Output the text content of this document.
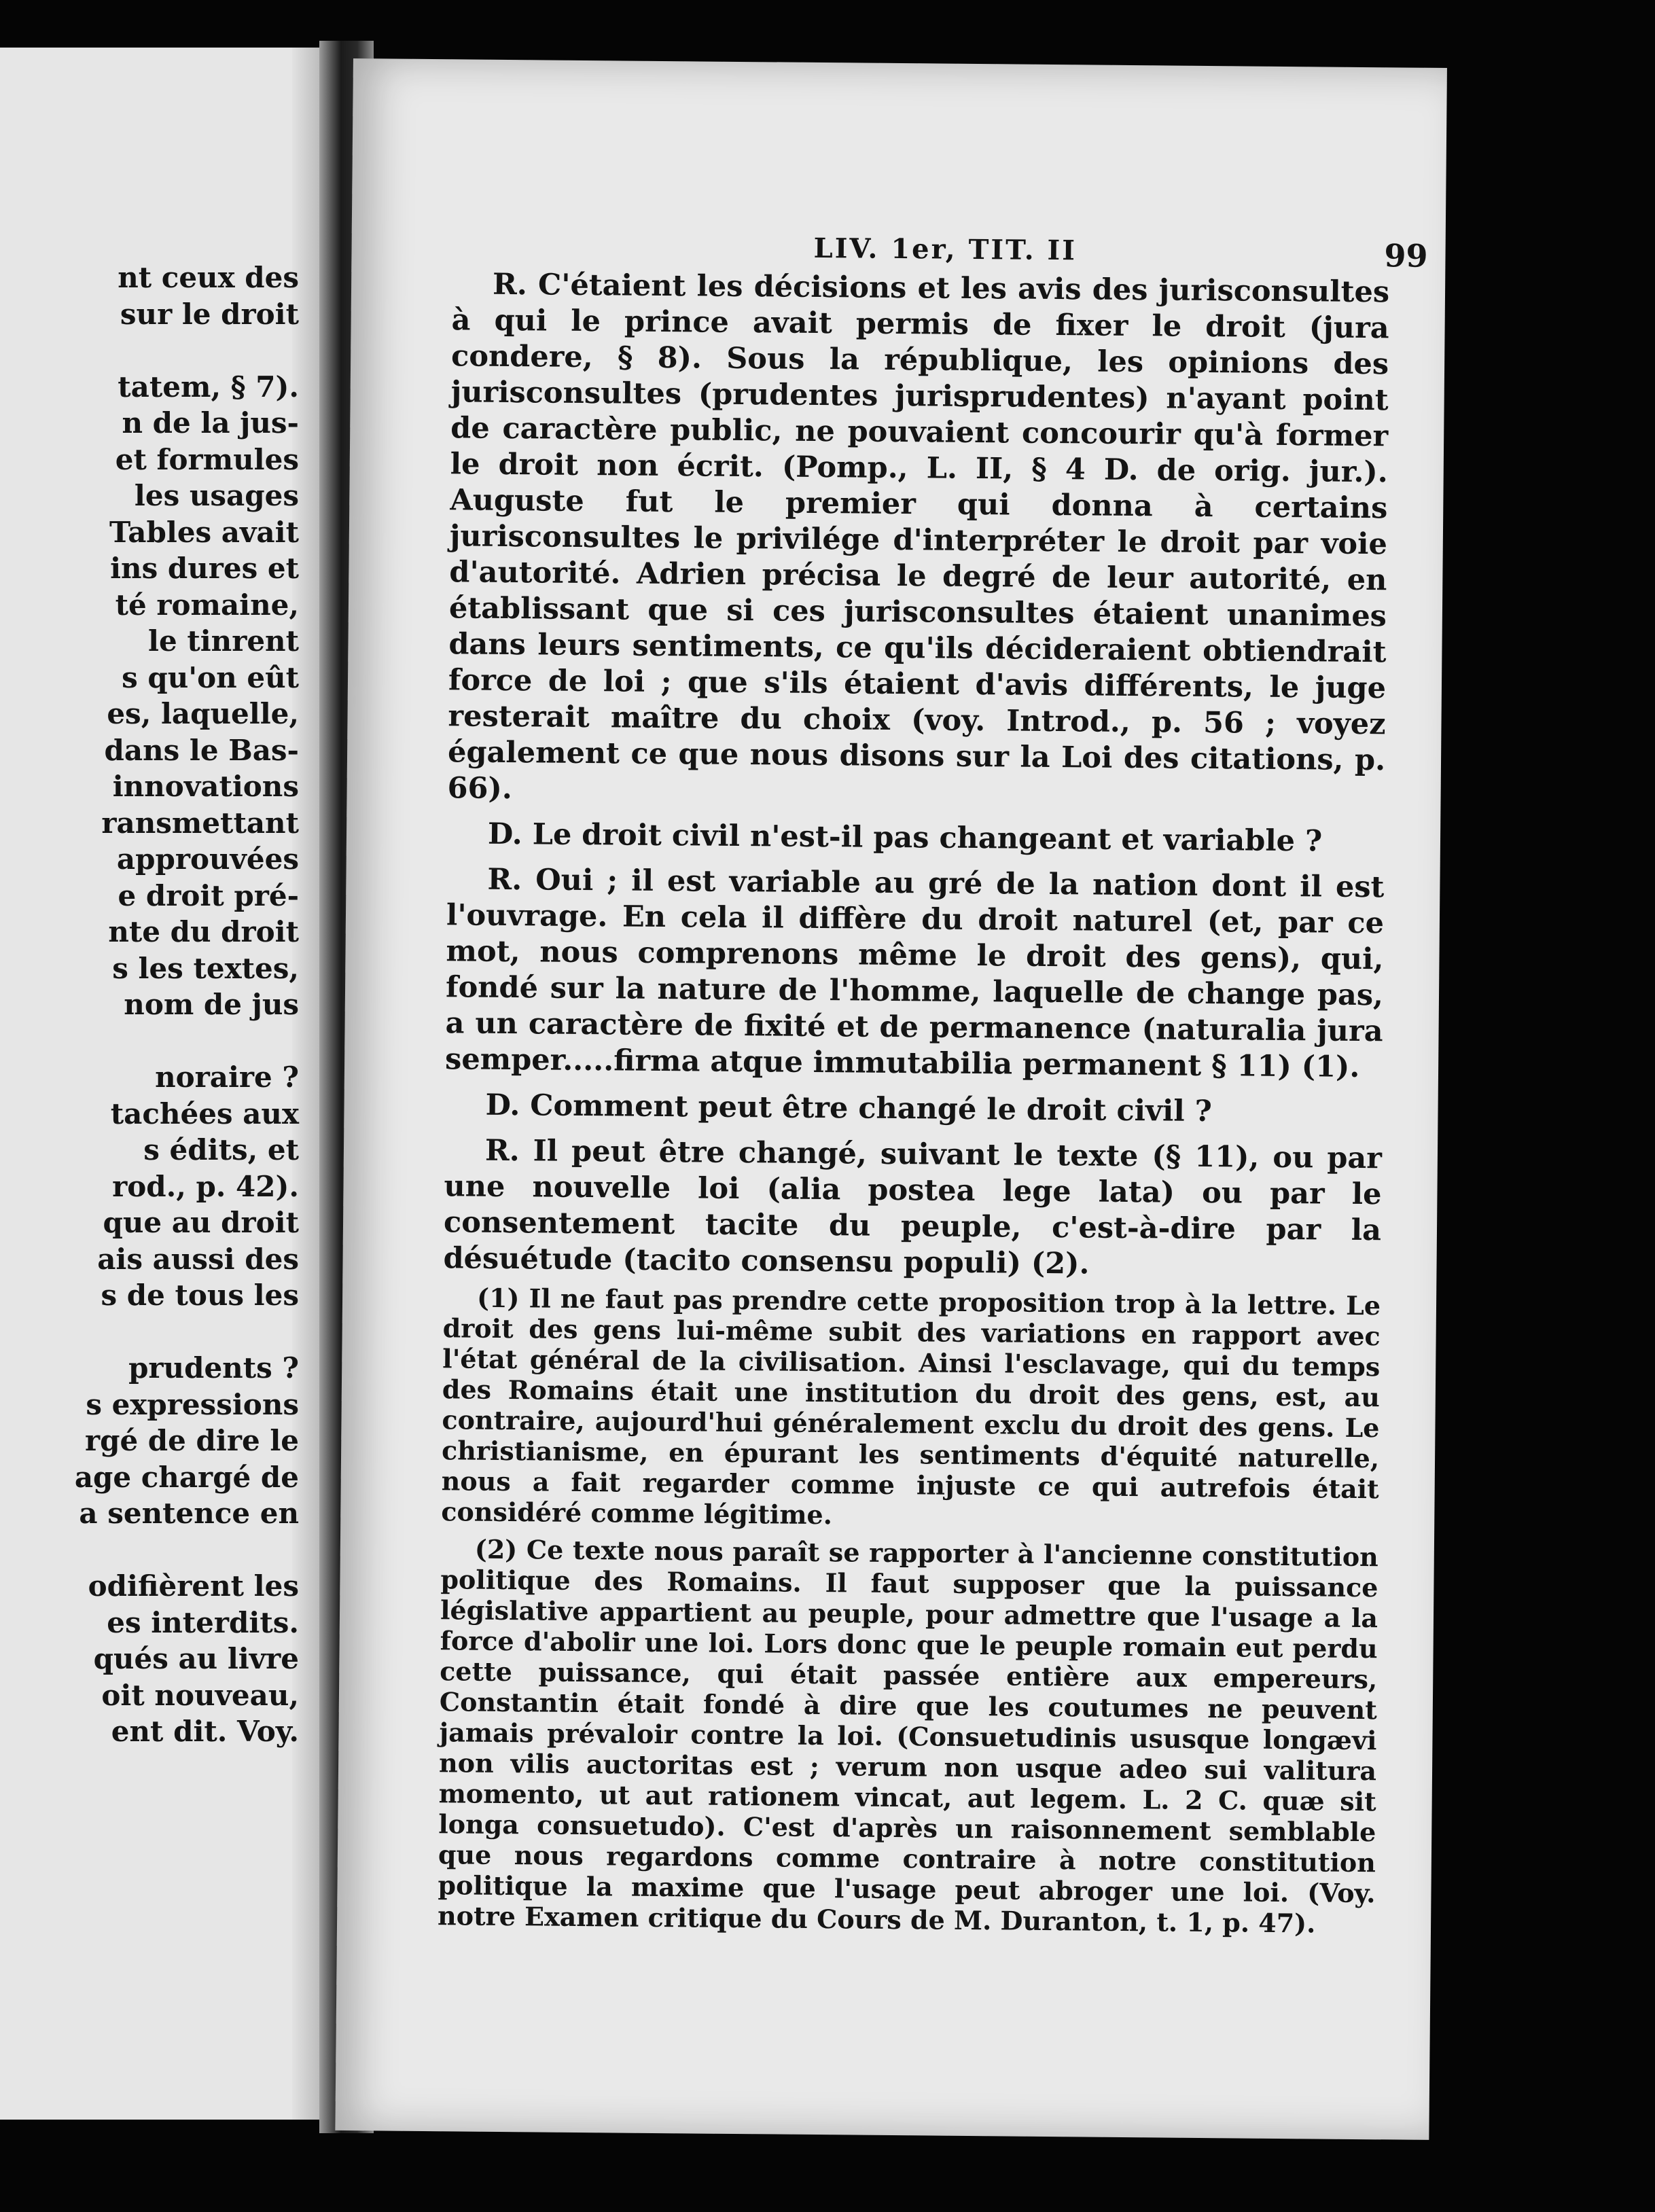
nt ceux des
sur le droit
tatem, § 7).
n de la jus-
et formules
les usages
Tables avait
ins dures et
té romaine,
le tinrent
s qu'on eût
es, laquelle,
dans le Bas-
innovations
ransmettant
approuvées
e droit pré-
nte du droit
s les textes,
nom de jus
noraire ?
tachées aux
s édits, et
rod., p. 42).
que au droit
ais aussi des
s de tous les
prudents ?
s expressions
rgé de dire le
age chargé de
a sentence en
odifièrent les
es interdits.
qués au livre
oit nouveau,
ent dit. Voy.
LIV. 1er, TIT. II	99

R. C'étaient les décisions et les avis des jurisconsultes à qui le prince avait permis de fixer le droit (jura condere, § 8). Sous la république, les opinions des jurisconsultes (prudentes jurisprudentes) n'ayant point de caractère public, ne pouvaient concourir qu'à former le droit non écrit. (Pomp., L. II, § 4 D. de orig. jur.). Auguste fut le premier qui donna à certains jurisconsultes le privilége d'interpréter le droit par voie d'autorité. Adrien précisa le degré de leur autorité, en établissant que si ces jurisconsultes étaient unanimes dans leurs sentiments, ce qu'ils décideraient obtiendrait force de loi ; que s'ils étaient d'avis différents, le juge resterait maître du choix (voy. Introd., p. 56 ; voyez également ce que nous disons sur la Loi des citations, p. 66).

D. Le droit civil n'est-il pas changeant et variable ?

R. Oui ; il est variable au gré de la nation dont il est l'ouvrage. En cela il diffère du droit naturel (et, par ce mot, nous comprenons même le droit des gens), qui, fondé sur la nature de l'homme, laquelle de change pas, a un caractère de fixité et de permanence (naturalia jura semper.....firma atque immutabilia permanent § 11) (1).

D. Comment peut être changé le droit civil ?

R. Il peut être changé, suivant le texte (§ 11), ou par une nouvelle loi (alia postea lege lata) ou par le consentement tacite du peuple, c'est-à-dire par la désuétude (tacito consensu populi) (2).

(1) Il ne faut pas prendre cette proposition trop à la lettre. Le droit des gens lui-même subit des variations en rapport avec l'état général de la civilisation. Ainsi l'esclavage, qui du temps des Romains était une institution du droit des gens, est, au contraire, aujourd'hui généralement exclu du droit des gens. Le christianisme, en épurant les sentiments d'équité naturelle, nous a fait regarder comme injuste ce qui autrefois était considéré comme légitime.

(2) Ce texte nous paraît se rapporter à l'ancienne constitution politique des Romains. Il faut supposer que la puissance législative appartient au peuple, pour admettre que l'usage a la force d'abolir une loi. Lors donc que le peuple romain eut perdu cette puissance, qui était passée entière aux empereurs, Constantin était fondé à dire que les coutumes ne peuvent jamais prévaloir contre la loi. (Consuetudinis ususque longævi non vilis auctoritas est ; verum non usque adeo sui valitura momento, ut aut rationem vincat, aut legem. L. 2 C. quæ sit longa consuetudo). C'est d'après un raisonnement semblable que nous regardons comme contraire à notre constitution politique la maxime que l'usage peut abroger une loi. (Voy. notre Examen critique du Cours de M. Duranton, t. 1, p. 47).
